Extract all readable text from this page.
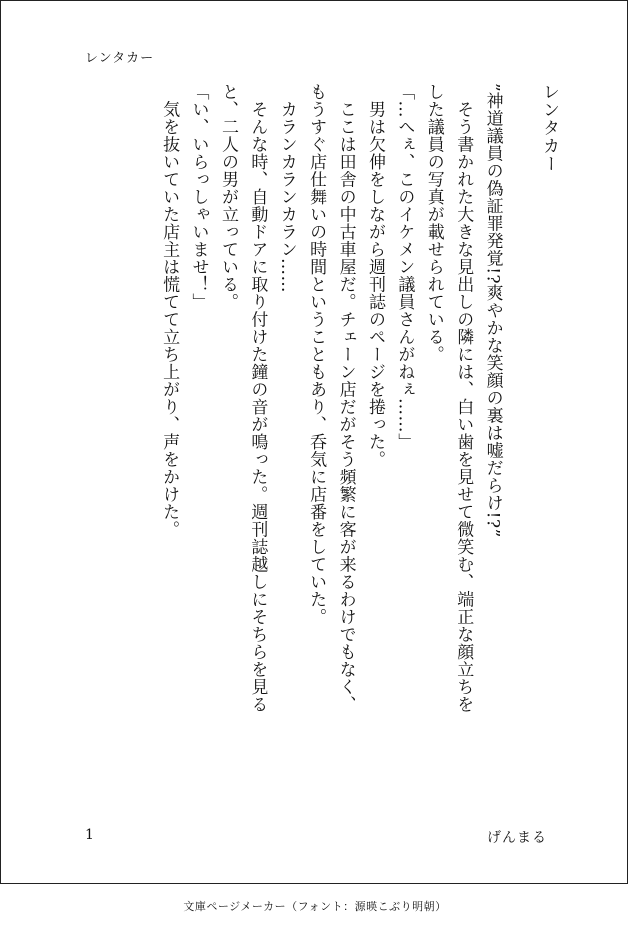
レンタカー
レンタカー
”神道議員の偽証罪発覚!?爽やかな笑顔の裏は嘘だらけ!?”
　そう書かれた大きな見出しの隣には、白い歯を見せて微笑む、端正な顔立ちを
した議員の写真が載せられている。
「…へぇ、このイケメン議員さんがねぇ……」
　男は欠伸をしながら週刊誌のページを捲った。
　ここは田舎の中古車屋だ。チェーン店だがそう頻繁に客が来るわけでもなく、
もうすぐ店仕舞いの時間ということもあり、呑気に店番をしていた。
　カランカランカラン……
　そんな時、自動ドアに取り付けた鐘の音が鳴った。週刊誌越しにそちらを見る
と、二人の男が立っている。
「い、いらっしゃいませ！」
　気を抜いていた店主は慌てて立ち上がり、声をかけた。
1	げんまる
文庫ページメーカー（フォント：源暎こぶり明朝）
